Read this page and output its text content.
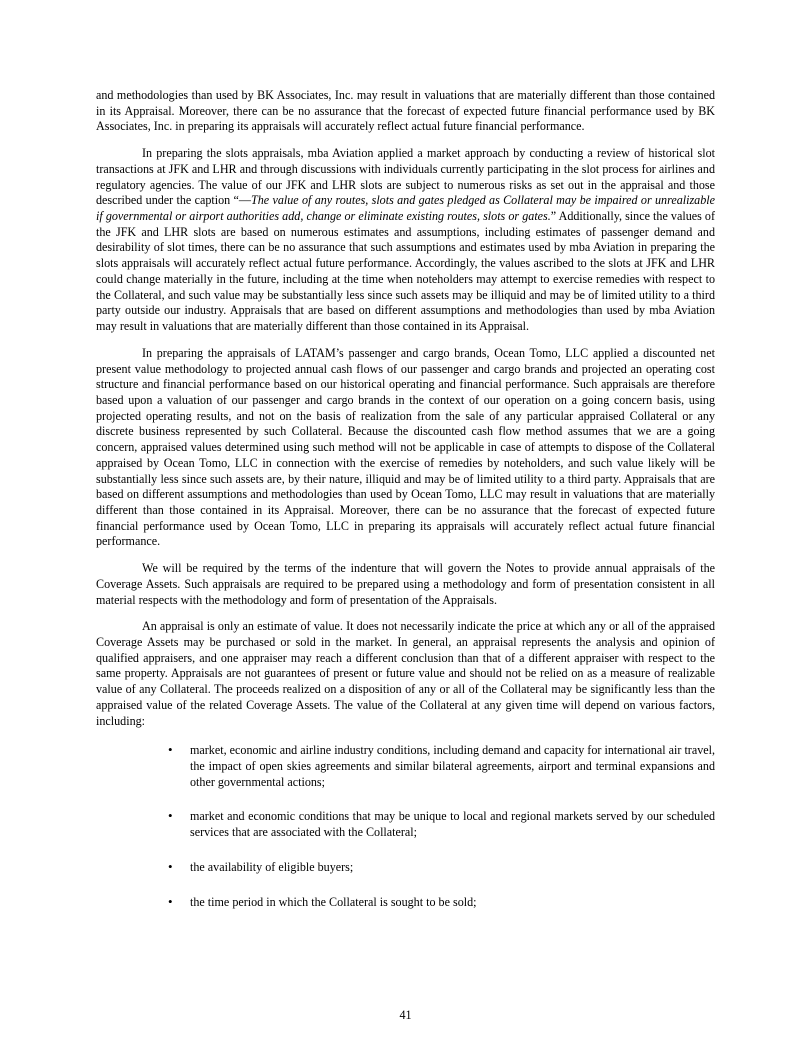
and methodologies than used by BK Associates, Inc. may result in valuations that are materially different than those contained in its Appraisal. Moreover, there can be no assurance that the forecast of expected future financial performance used by BK Associates, Inc. in preparing its appraisals will accurately reflect actual future financial performance.

In preparing the slots appraisals, mba Aviation applied a market approach by conducting a review of historical slot transactions at JFK and LHR and through discussions with individuals currently participating in the slot process for airlines and regulatory agencies. The value of our JFK and LHR slots are subject to numerous risks as set out in the appraisal and those described under the caption “—The value of any routes, slots and gates pledged as Collateral may be impaired or unrealizable if governmental or airport authorities add, change or eliminate existing routes, slots or gates.” Additionally, since the values of the JFK and LHR slots are based on numerous estimates and assumptions, including estimates of passenger demand and desirability of slot times, there can be no assurance that such assumptions and estimates used by mba Aviation in preparing the slots appraisals will accurately reflect actual future performance. Accordingly, the values ascribed to the slots at JFK and LHR could change materially in the future, including at the time when noteholders may attempt to exercise remedies with respect to the Collateral, and such value may be substantially less since such assets may be illiquid and may be of limited utility to a third party outside our industry. Appraisals that are based on different assumptions and methodologies than used by mba Aviation may result in valuations that are materially different than those contained in its Appraisal.

In preparing the appraisals of LATAM’s passenger and cargo brands, Ocean Tomo, LLC applied a discounted net present value methodology to projected annual cash flows of our passenger and cargo brands and projected an operating cost structure and financial performance based on our historical operating and financial performance. Such appraisals are therefore based upon a valuation of our passenger and cargo brands in the context of our operation on a going concern basis, using projected operating results, and not on the basis of realization from the sale of any particular appraised Collateral or any discrete business represented by such Collateral. Because the discounted cash flow method assumes that we are a going concern, appraised values determined using such method will not be applicable in case of attempts to dispose of the Collateral appraised by Ocean Tomo, LLC in connection with the exercise of remedies by noteholders, and such value likely will be substantially less since such assets are, by their nature, illiquid and may be of limited utility to a third party. Appraisals that are based on different assumptions and methodologies than used by Ocean Tomo, LLC may result in valuations that are materially different than those contained in its Appraisal. Moreover, there can be no assurance that the forecast of expected future financial performance used by Ocean Tomo, LLC in preparing its appraisals will accurately reflect actual future financial performance.

We will be required by the terms of the indenture that will govern the Notes to provide annual appraisals of the Coverage Assets. Such appraisals are required to be prepared using a methodology and form of presentation consistent in all material respects with the methodology and form of presentation of the Appraisals.

An appraisal is only an estimate of value. It does not necessarily indicate the price at which any or all of the appraised Coverage Assets may be purchased or sold in the market. In general, an appraisal represents the analysis and opinion of qualified appraisers, and one appraiser may reach a different conclusion than that of a different appraiser with respect to the same property. Appraisals are not guarantees of present or future value and should not be relied on as a measure of realizable value of any Collateral. The proceeds realized on a disposition of any or all of the Collateral may be significantly less than the appraised value of the related Coverage Assets. The value of the Collateral at any given time will depend on various factors, including:

• market, economic and airline industry conditions, including demand and capacity for international air travel, the impact of open skies agreements and similar bilateral agreements, airport and terminal expansions and other governmental actions;
• market and economic conditions that may be unique to local and regional markets served by our scheduled services that are associated with the Collateral;
• the availability of eligible buyers;
• the time period in which the Collateral is sought to be sold;
41
